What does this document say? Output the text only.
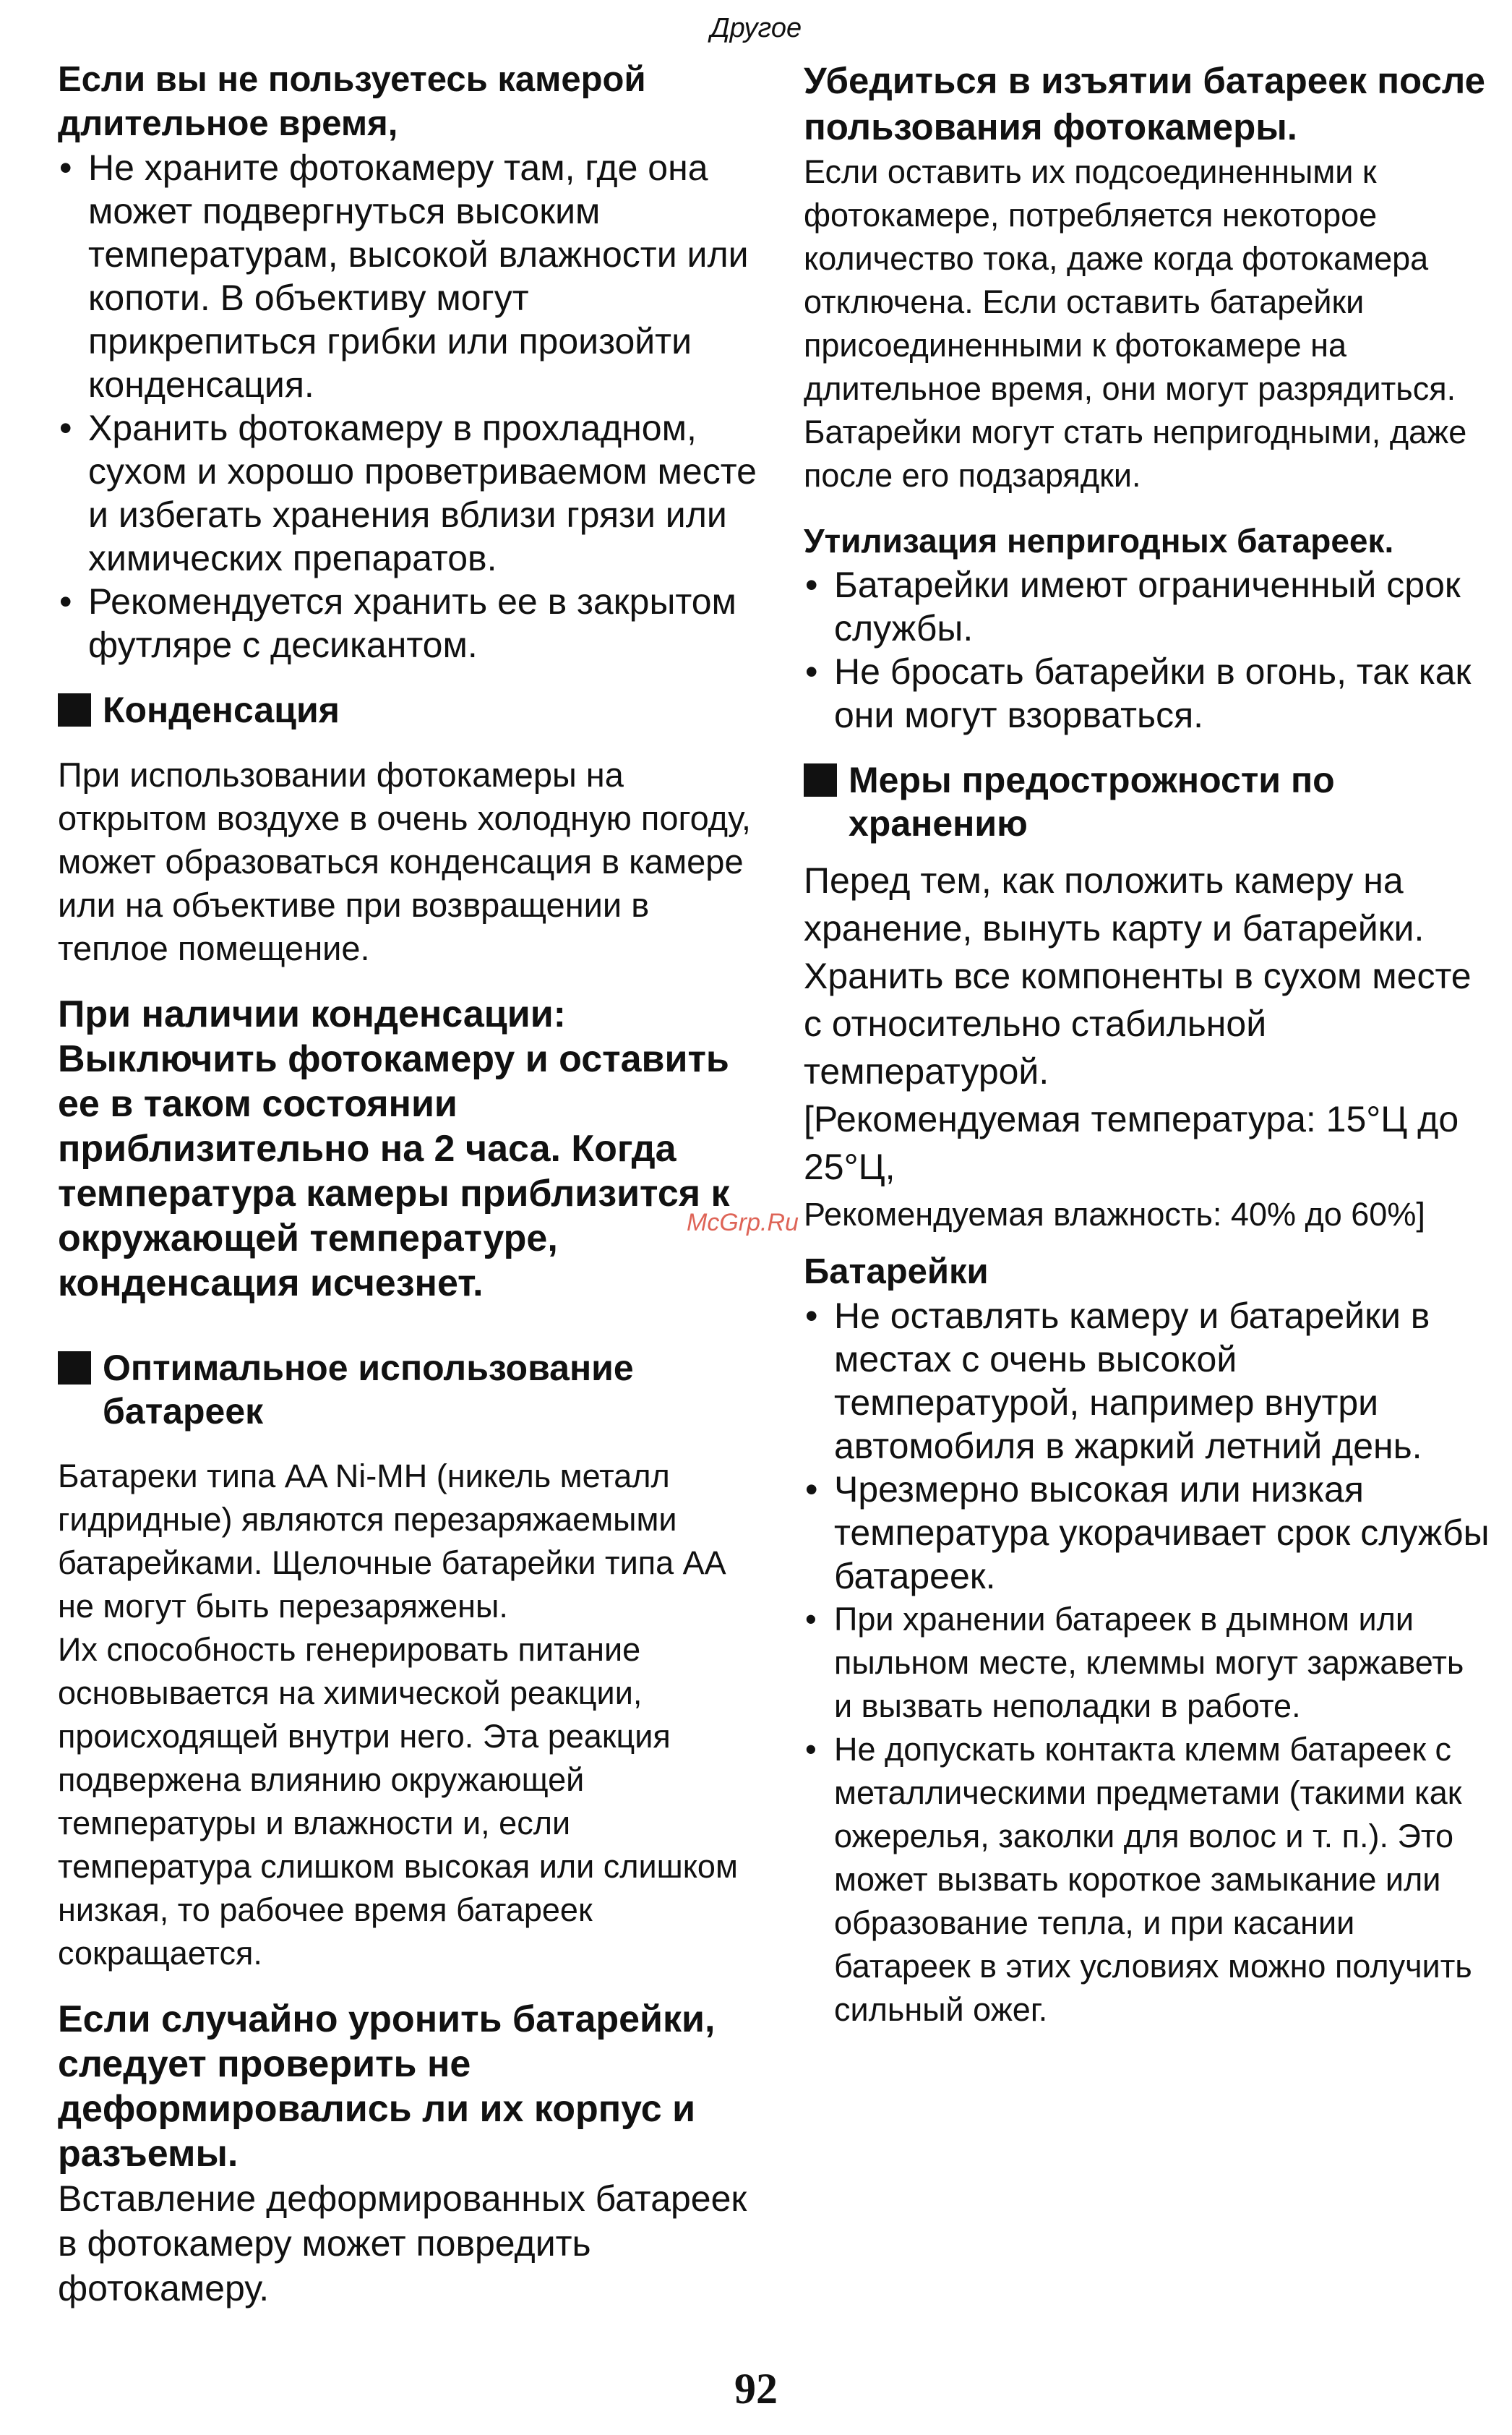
Другое

Если вы не пользуетесь камерой длительное время,

• Не храните фотокамеру там, где она может подвергнуться высоким температурам, высокой влажности или копоти. В объективу могут прикрепиться грибки или произойти конденсация.
• Хранить фотокамеру в прохладном, сухом и хорошо проветриваемом месте и избегать хранения вблизи грязи или химических препаратов.
• Рекомендуется хранить ее в закрытом футляре с десикантом.
Конденсация

При использовании фотокамеры на открытом воздухе в очень холодную погоду, может образоваться конденсация в камере или на объективе при возвращении в теплое помещение.

При наличии конденсации: Выключить фотокамеру и оставить ее в таком состоянии приблизительно на 2 часа. Когда температура камеры приблизится к окружающей температуре, конденсация исчезнет.

Оптимальное использование батареек

Батареки типа AA Ni-MH (никель металл гидридные) являются перезаряжаемыми батарейками. Щелочные батарейки типа AA не могут быть перезаряжены.

Их способность генерировать питание основывается на химической реакции, происходящей внутри него. Эта реакция подвержена влиянию окружающей температуры и влажности и, если температура слишком высокая или слишком низкая, то рабочее время батареек сокращается.

Если случайно уронить батарейки, следует проверить не деформировались ли их корпус и разъемы.

Вставление деформированных батареек в фотокамеру может повредить фотокамеру.

Убедиться в изъятии батареек после пользования фотокамеры.

Если оставить их подсоединенными к фотокамере, потребляется некоторое количество тока, даже когда фотокамера отключена. Если оставить батарейки присоединенными к фотокамере на длительное время, они могут разрядиться. Батарейки могут стать непригодными, даже после его подзарядки.

Утилизация непригодных батареек.

• Батарейки имеют ограниченный срок службы.
• Не бросать батарейки в огонь, так как они могут взорваться.
Меры предострожности по хранению

Перед тем, как положить камеру на хранение, вынуть карту и батарейки.

Хранить все компоненты в сухом месте с относительно стабильной температурой.

[Рекомендуемая температура: 15°Ц до 25°Ц,

Рекомендуемая влажность: 40% до 60%]

Батарейки

• Не оставлять камеру и батарейки в местах с очень высокой температурой, например внутри автомобиля в жаркий летний день.
• Чрезмерно высокая или низкая температура укорачивает срок службы батареек.
• При хранении батареек в дымном или пыльном месте, клеммы могут заржаветь и вызвать неполадки в работе.
• Не допускать контакта клемм батареек с металлическими предметами (такими как ожерелья, заколки для волос и т. п.). Это может вызвать короткое замыкание или образование тепла, и при касании батареек в этих условиях можно получить сильный ожег.
McGrp.Ru
92
